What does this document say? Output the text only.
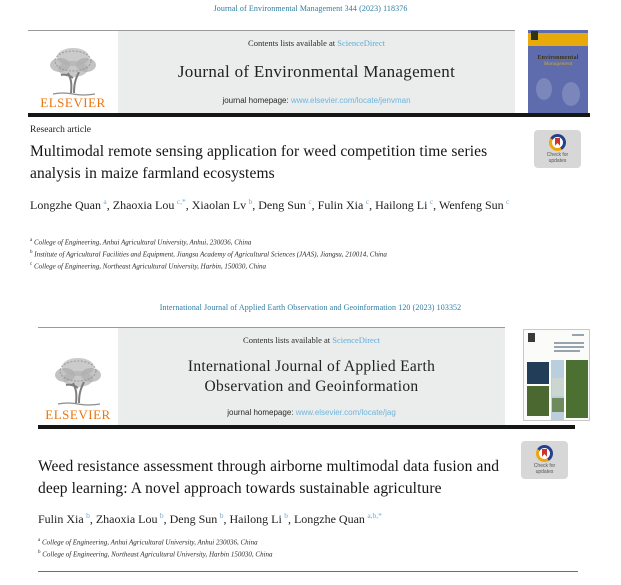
Journal of Environmental Management 344 (2023) 118376
ELSEVIER
Contents lists available at ScienceDirect
Journal of Environmental Management
journal homepage: www.elsevier.com/locate/jenvman
Environmental
Management
Research article
Multimodal remote sensing application for weed competition time series analysis in maize farmland ecosystems
Check for
updates
Longzhe Quan $^a$, Zhaoxia Lou $^{c,*}$, Xiaolan Lv $^b$, Deng Sun $^c$, Fulin Xia $^c$, Hailong Li $^c$, Wenfeng Sun $^c$
$^a$ College of Engineering, Anhui Agricultural University, Anhui, 230036, China
$^b$ Institute of Agricultural Facilities and Equipment, Jiangsu Academy of Agricultural Sciences (JAAS), Jiangsu, 210014, China
$^c$ College of Engineering, Northeast Agricultural University, Harbin, 150030, China
International Journal of Applied Earth Observation and Geoinformation 120 (2023) 103352
ELSEVIER
Contents lists available at ScienceDirect
International Journal of Applied Earth Observation and Geoinformation
journal homepage: www.elsevier.com/locate/jag
Weed resistance assessment through airborne multimodal data fusion and deep learning: A novel approach towards sustainable agriculture
Check for
updates
Fulin Xia $^b$, Zhaoxia Lou $^b$, Deng Sun $^b$, Hailong Li $^b$, Longzhe Quan $^{a,b,*}$
$^a$ College of Engineering, Anhui Agricultural University, Anhui 230036, China
$^b$ College of Engineering, Northeast Agricultural University, Harbin 150030, China
